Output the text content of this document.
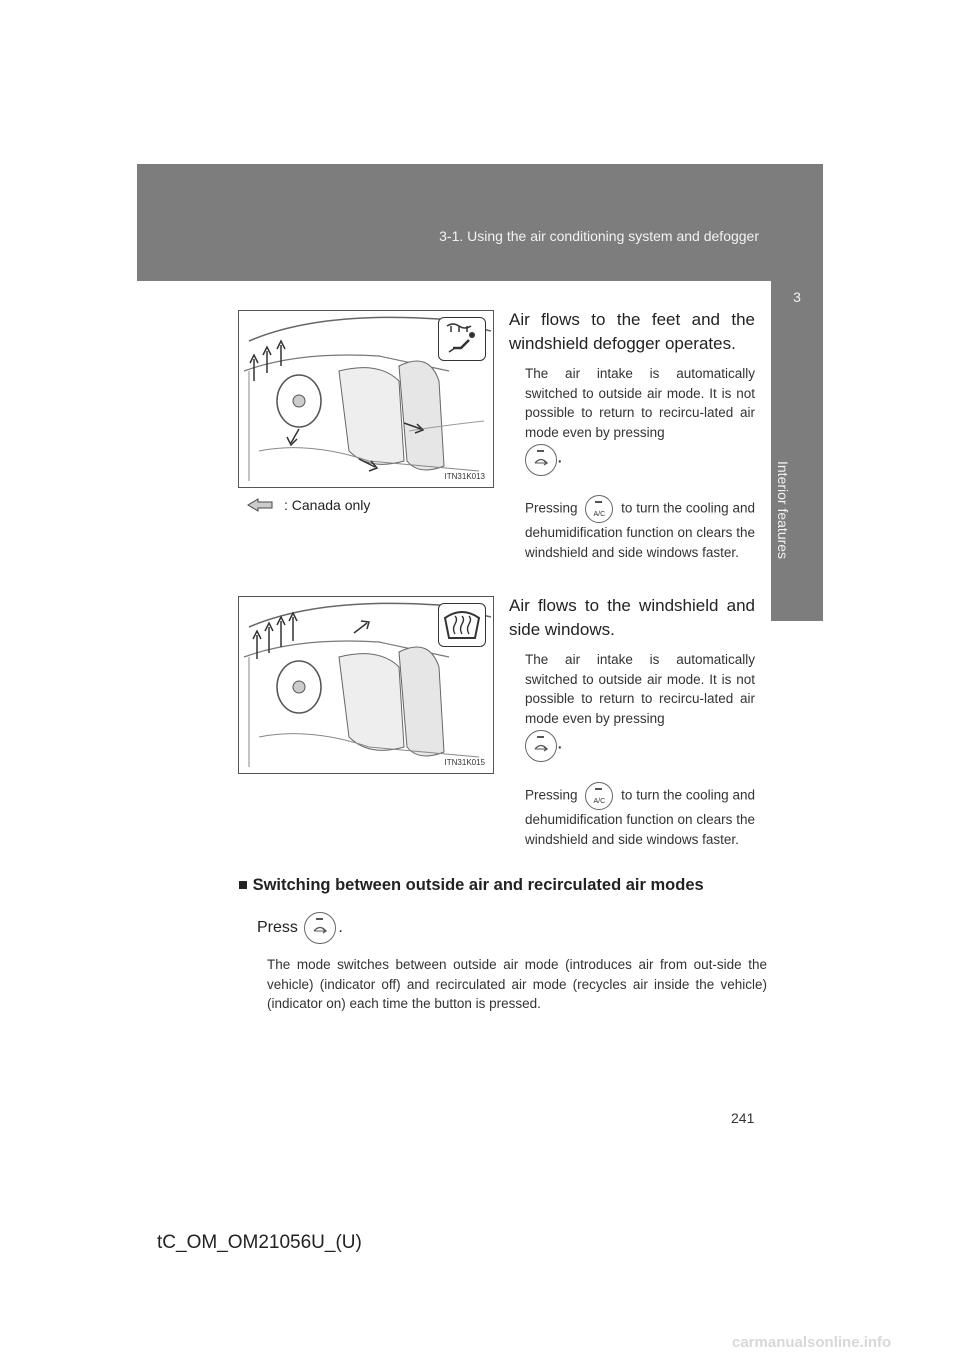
3-1. Using the air conditioning system and defogger
3
Interior features
ITN31K013
: Canada only
Air flows to the feet and the windshield defogger operates.
The air intake is automatically switched to outside air mode. It is not possible to return to recircu-lated air mode even by pressing

.
Pressing	A/C	to turn the cooling and dehumidification function on clears the windshield and side windows faster.
ITN31K015
Air flows to the windshield and side windows.
The air intake is automatically switched to outside air mode. It is not possible to return to recircu-lated air mode even by pressing

.
Pressing	A/C	to turn the cooling and dehumidification function on clears the windshield and side windows faster.
■ Switching between outside air and recirculated air modes
Press	.
The mode switches between outside air mode (introduces air from out-side the vehicle) (indicator off) and recirculated air mode (recycles air inside the vehicle) (indicator on) each time the button is pressed.
241
tC_OM_OM21056U_(U)
carmanualsonline.info
